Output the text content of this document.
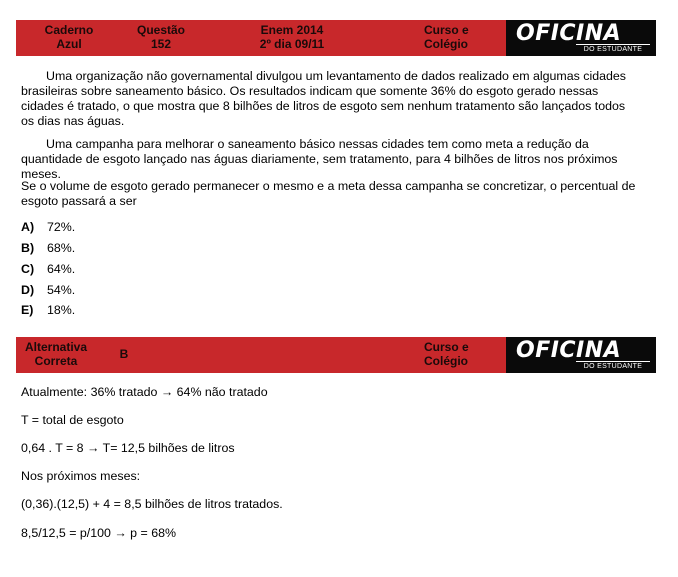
Caderno
Azul
Questão
152
Enem 2014
2º dia 09/11
Curso e
Colégio	OFICINA
DO ESTUDANTE
Uma organização não governamental divulgou um levantamento de dados realizado em algumas cidades brasileiras sobre saneamento básico. Os resultados indicam que somente 36% do esgoto gerado nessas cidades é tratado, o que mostra que 8 bilhões de litros de esgoto sem nenhum tratamento são lançados todos os dias nas águas.
Uma campanha para melhorar o saneamento básico nessas cidades tem como meta a redução da quantidade de esgoto lançado nas águas diariamente, sem tratamento, para 4 bilhões de litros nos próximos meses.
Se o volume de esgoto gerado permanecer o mesmo e a meta dessa campanha se concretizar, o percentual de esgoto passará a ser
A) 72%.
B) 68%.
C) 64%.
D) 54%.
E) 18%.
Alternativa
Correta	B	Curso e
Colégio	OFICINA
DO ESTUDANTE
Atualmente: 36% tratado → 64% não tratado
T = total de esgoto
0,64 . T = 8 → T= 12,5 bilhões de litros
Nos próximos meses:
(0,36).(12,5) + 4 = 8,5 bilhões de litros tratados.
8,5/12,5 = p/100 → p = 68%
